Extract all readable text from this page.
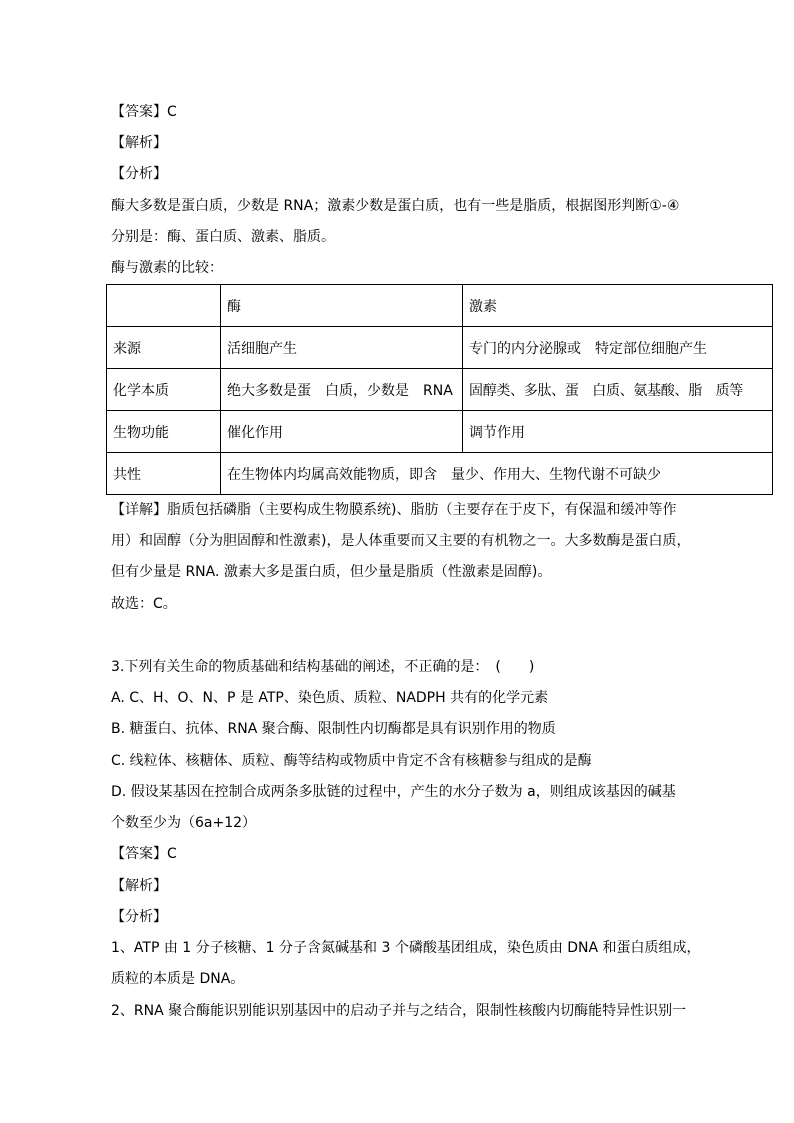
【答案】C
【解析】
【分析】
酶大多数是蛋白质，少数是 RNA；激素少数是蛋白质，也有一些是脂质，根据图形判断①-④
分别是：酶、蛋白质、激素、脂质。
酶与激素的比较：
	酶	激素
来源	活细胞产生	专门的内分泌腺或　特定部位细胞产生
化学本质	绝大多数是蛋　白质，少数是　RNA	固醇类、多肽、蛋　白质、氨基酸、脂　质等
生物功能	催化作用	调节作用
共性	在生物体内均属高效能物质，即含　量少、作用大、生物代谢不可缺少	
【详解】脂质包括磷脂（主要构成生物膜系统)、脂肪（主要存在于皮下，有保温和缓冲等作
用）和固醇（分为胆固醇和性激素)，是人体重要而又主要的有机物之一。大多数酶是蛋白质，
但有少量是 RNA. 激素大多是蛋白质，但少量是脂质（性激素是固醇)。
故选：C。
3.下列有关生命的物质基础和结构基础的阐述，不正确的是：　(　　)
A. C、H、O、N、P 是 ATP、染色质、质粒、NADPH 共有的化学元素
B. 糖蛋白、抗体、RNA 聚合酶、限制性内切酶都是具有识别作用的物质
C. 线粒体、核糖体、质粒、酶等结构或物质中肯定不含有核糖参与组成的是酶
D. 假设某基因在控制合成两条多肽链的过程中，产生的水分子数为 a，则组成该基因的碱基
个数至少为（6a+12）
【答案】C
【解析】
【分析】
1、ATP 由 1 分子核糖、1 分子含氮碱基和 3 个磷酸基团组成，染色质由 DNA 和蛋白质组成，
质粒的本质是 DNA。
2、RNA 聚合酶能识别能识别基因中的启动子并与之结合，限制性核酸内切酶能特异性识别一
